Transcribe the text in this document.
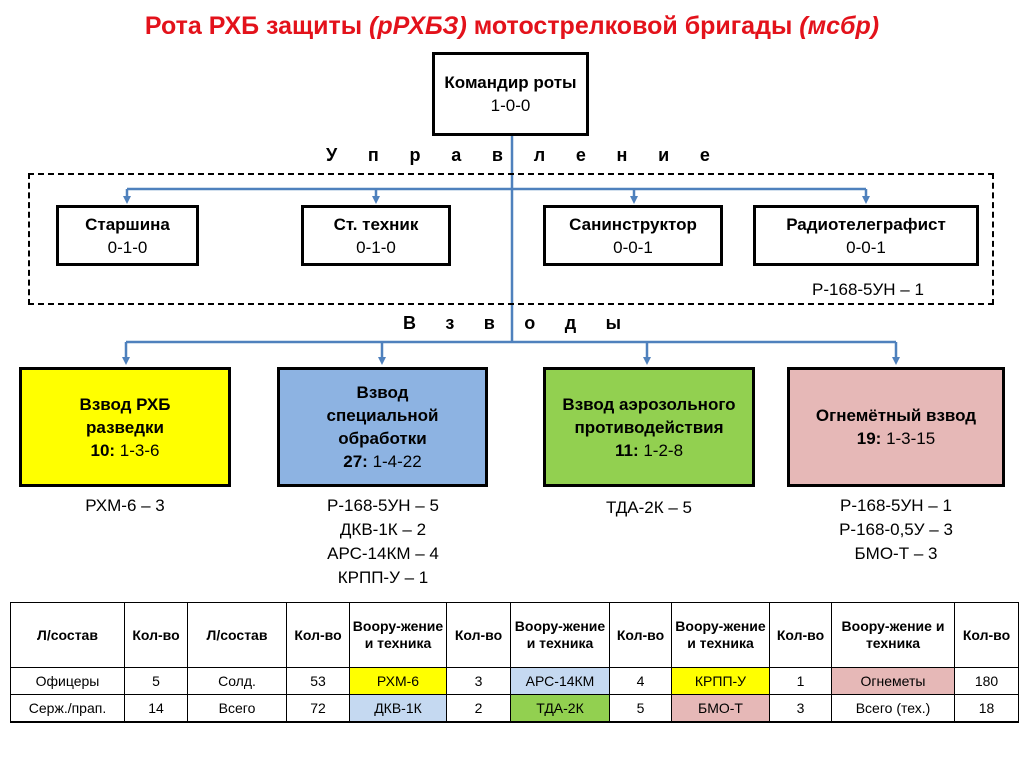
Рота РХБ защиты (рРХБЗ) мотострелковой бригады (мсбр)
Командир роты
1-0-0
У п р а в л е н и е
Старшина
0-1-0
Ст. техник
0-1-0
Санинструктор
0-0-1
Радиотелеграфист
0-0-1
Р-168-5УН – 1
В з в о д ы
Взвод РХБ разведки
10: 1-3-6
Взвод специальной обработки
27: 1-4-22
Взвод аэрозольного противодействия
11: 1-2-8
Огнемётный взвод
19: 1-3-15
РХМ-6 – 3	Р-168-5УН – 5
ДКВ-1К – 2
АРС-14КМ – 4
КРПП-У – 1
ТДА-2К – 5	Р-168-5УН – 1
Р-168-0,5У – 3
БМО-Т – 3
Л/состав	Кол-во	Л/состав	Кол-во	Воору-жение и техника	Кол-во	Воору-жение и техника	Кол-во	Воору-жение и техника	Кол-во	Воору-жение и техника	Кол-во
Офицеры	5	Солд.	53	РХМ-6	3	АРС-14КМ	4	КРПП-У	1	Огнеметы	180
Серж./прап.	14	Всего	72	ДКВ-1К	2	ТДА-2К	5	БМО-Т	3	Всего (тех.)	18
